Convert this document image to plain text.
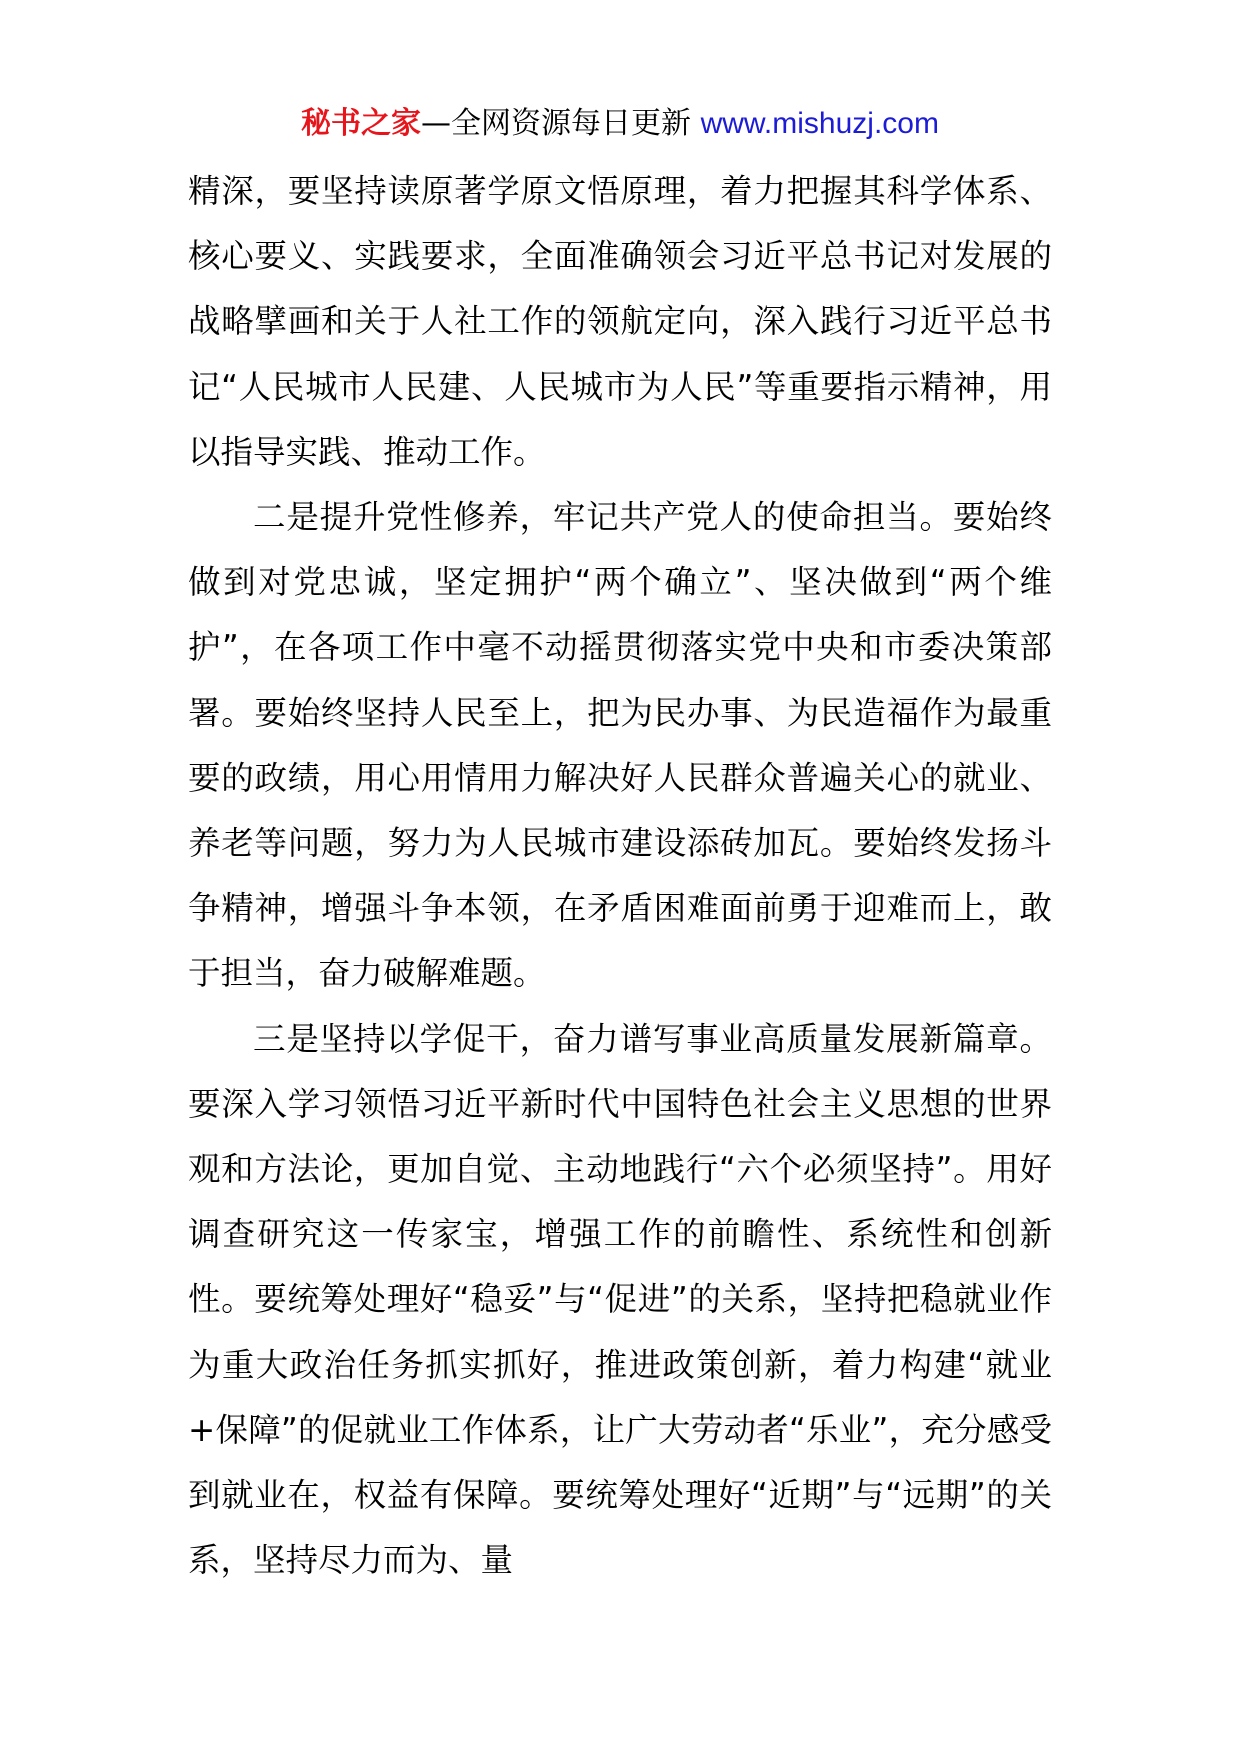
秘书之家—全网资源每日更新 www.mishuzj.com

精深，要坚持读原著学原文悟原理，着力把握其科学体系、核心要义、实践要求，全面准确领会习近平总书记对发展的战略擘画和关于人社工作的领航定向，深入践行习近平总书记“人民城市人民建、人民城市为人民”等重要指示精神，用以指导实践、推动工作。

二是提升党性修养，牢记共产党人的使命担当。要始终做到对党忠诚，坚定拥护“两个确立”、坚决做到“两个维护”，在各项工作中毫不动摇贯彻落实党中央和市委决策部署。要始终坚持人民至上，把为民办事、为民造福作为最重要的政绩，用心用情用力解决好人民群众普遍关心的就业、养老等问题，努力为人民城市建设添砖加瓦。要始终发扬斗争精神，增强斗争本领，在矛盾困难面前勇于迎难而上，敢于担当，奋力破解难题。

三是坚持以学促干，奋力谱写事业高质量发展新篇章。要深入学习领悟习近平新时代中国特色社会主义思想的世界观和方法论，更加自觉、主动地践行“六个必须坚持”。用好调查研究这一传家宝，增强工作的前瞻性、系统性和创新性。要统筹处理好“稳妥”与“促进”的关系，坚持把稳就业作为重大政治任务抓实抓好，推进政策创新，着力构建“就业+保障”的促就业工作体系，让广大劳动者“乐业”，充分感受到就业在，权益有保障。要统筹处理好“近期”与“远期”的关系，坚持尽力而为、量
